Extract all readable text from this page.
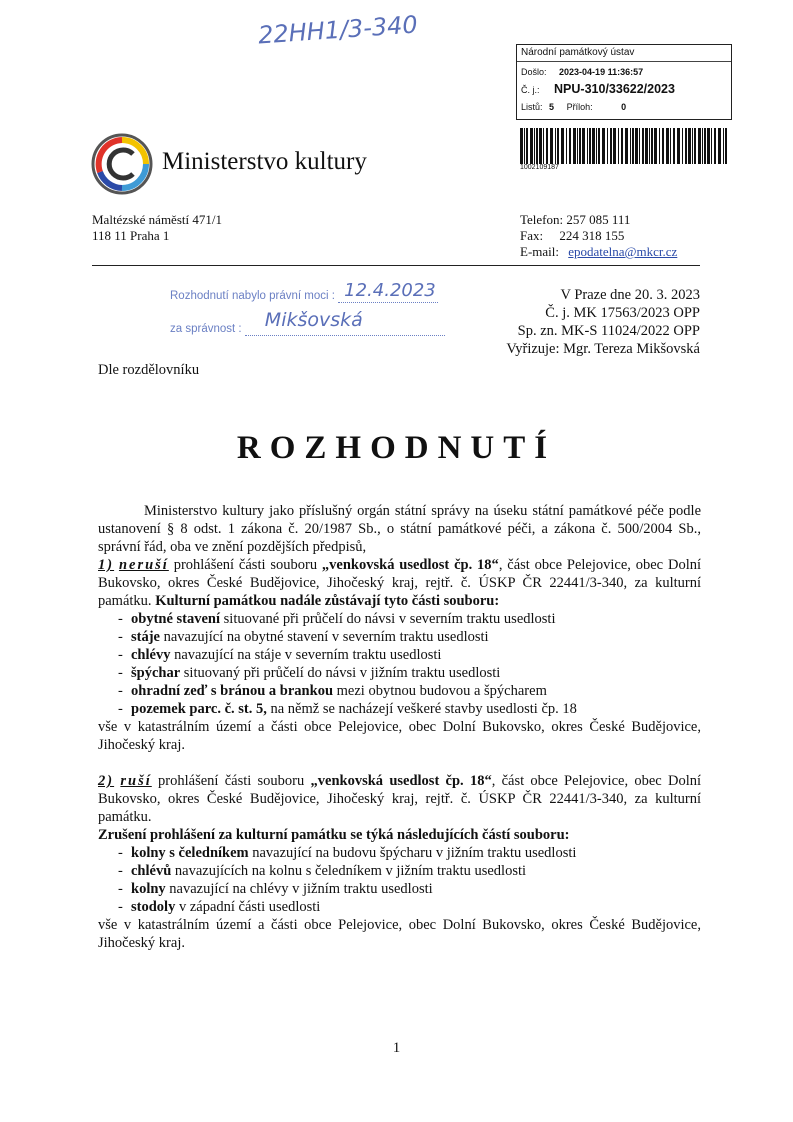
22HH1/3-340
Národní památkový ústav
Došlo: 2023-04-19 11:36:57
Č. j.: NPU-310/33622/2023
Listů: 5 Příloh:	0
1002109187
Ministerstvo kultury
Maltézské náměstí 471/1
118 11 Praha 1
Telefon: 257 085 111
Fax:     224 318 155
E-mail: epodatelna@mkcr.cz
Rozhodnutí nabylo právní moci : 12.4.2023

za správnost : Mikšovská

V Praze dne 20. 3. 2023
Č. j. MK 17563/2023 OPP
Sp. zn. MK-S 11024/2022 OPP
Vyřizuje: Mgr. Tereza Mikšovská
Dle rozdělovníku
ROZHODNUTÍ

Ministerstvo kultury jako příslušný orgán státní správy na úseku státní památkové péče podle ustanovení § 8 odst. 1 zákona č. 20/1987 Sb., o státní památkové péči, a zákona č. 500/2004 Sb., správní řád, oba ve znění pozdějších předpisů,

1) neruší prohlášení části souboru „venkovská usedlost čp. 18“, část obce Pelejovice, obec Dolní Bukovsko, okres České Budějovice, Jihočeský kraj, rejtř. č. ÚSKP ČR 22441/3-340, za kulturní památku. Kulturní památkou nadále zůstávají tyto části souboru:

- obytné stavení situované při průčelí do návsi v severním traktu usedlosti
- stáje navazující na obytné stavení v severním traktu usedlosti
- chlévy navazující na stáje v severním traktu usedlosti
- špýchar situovaný při průčelí do návsi v jižním traktu usedlosti
- ohradní zeď s bránou a brankou mezi obytnou budovou a špýcharem
- pozemek parc. č. st. 5, na němž se nacházejí veškeré stavby usedlosti čp. 18

vše v katastrálním území a části obce Pelejovice, obec Dolní Bukovsko, okres České Budějovice, Jihočeský kraj.

2) ruší prohlášení části souboru „venkovská usedlost čp. 18“, část obce Pelejovice, obec Dolní Bukovsko, okres České Budějovice, Jihočeský kraj, rejtř. č. ÚSKP ČR 22441/3-340, za kulturní památku.

Zrušení prohlášení za kulturní památku se týká následujících částí souboru:

- kolny s čeledníkem navazující na budovu špýcharu v jižním traktu usedlosti
- chlévů navazujících na kolnu s čeledníkem v jižním traktu usedlosti
- kolny navazující na chlévy v jižním traktu usedlosti
- stodoly v západní části usedlosti

vše v katastrálním území a části obce Pelejovice, obec Dolní Bukovsko, okres České Budějovice, Jihočeský kraj.

1
